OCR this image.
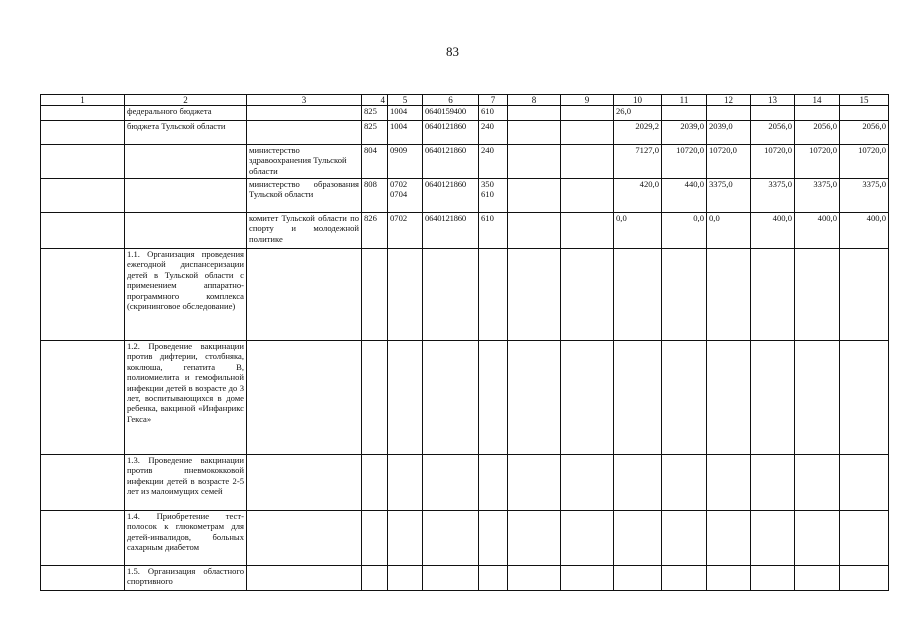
83
1	2	3	4	5	6	7	8	9	10	11	12	13	14	15
	федерального бюджета		825	1004	0640159400	610			26,0					
	бюджета Тульской области		825	1004	0640121860	240			2029,2	2039,0	2039,0	2056,0	2056,0	2056,0
		министерство здравоохранения Тульской области	804	0909	0640121860	240			7127,0	10720,0	10720,0	10720,0	10720,0	10720,0
		министерство образования Тульской области	808	0702 0704	0640121860	350 610			420,0	440,0	3375,0	3375,0	3375,0	3375,0
		комитет Тульской области по спорту и молодежной политике	826	0702	0640121860	610			0,0	0,0	0,0	400,0	400,0	400,0
	1.1. Организация проведения ежегодной диспансеризации детей в Тульской области с применением аппаратно-программного комплекса (скрининговое обследование)													
	1.2. Проведение вакцинации против дифтерии, столбняка, коклюша, гепатита В, полиомиелита и гемофильной инфекции детей в возрасте до 3 лет, воспитывающихся в доме ребенка, вакциной «Инфанрикс Гекса»													
	1.3. Проведение вакцинации против пневмококковой инфекции детей в возрасте 2-5 лет из малоимущих семей													
	1.4. Приобретение тест-полосок к глюкометрам для детей-инвалидов, больных сахарным диабетом													
	1.5. Организация областного спортивного													
